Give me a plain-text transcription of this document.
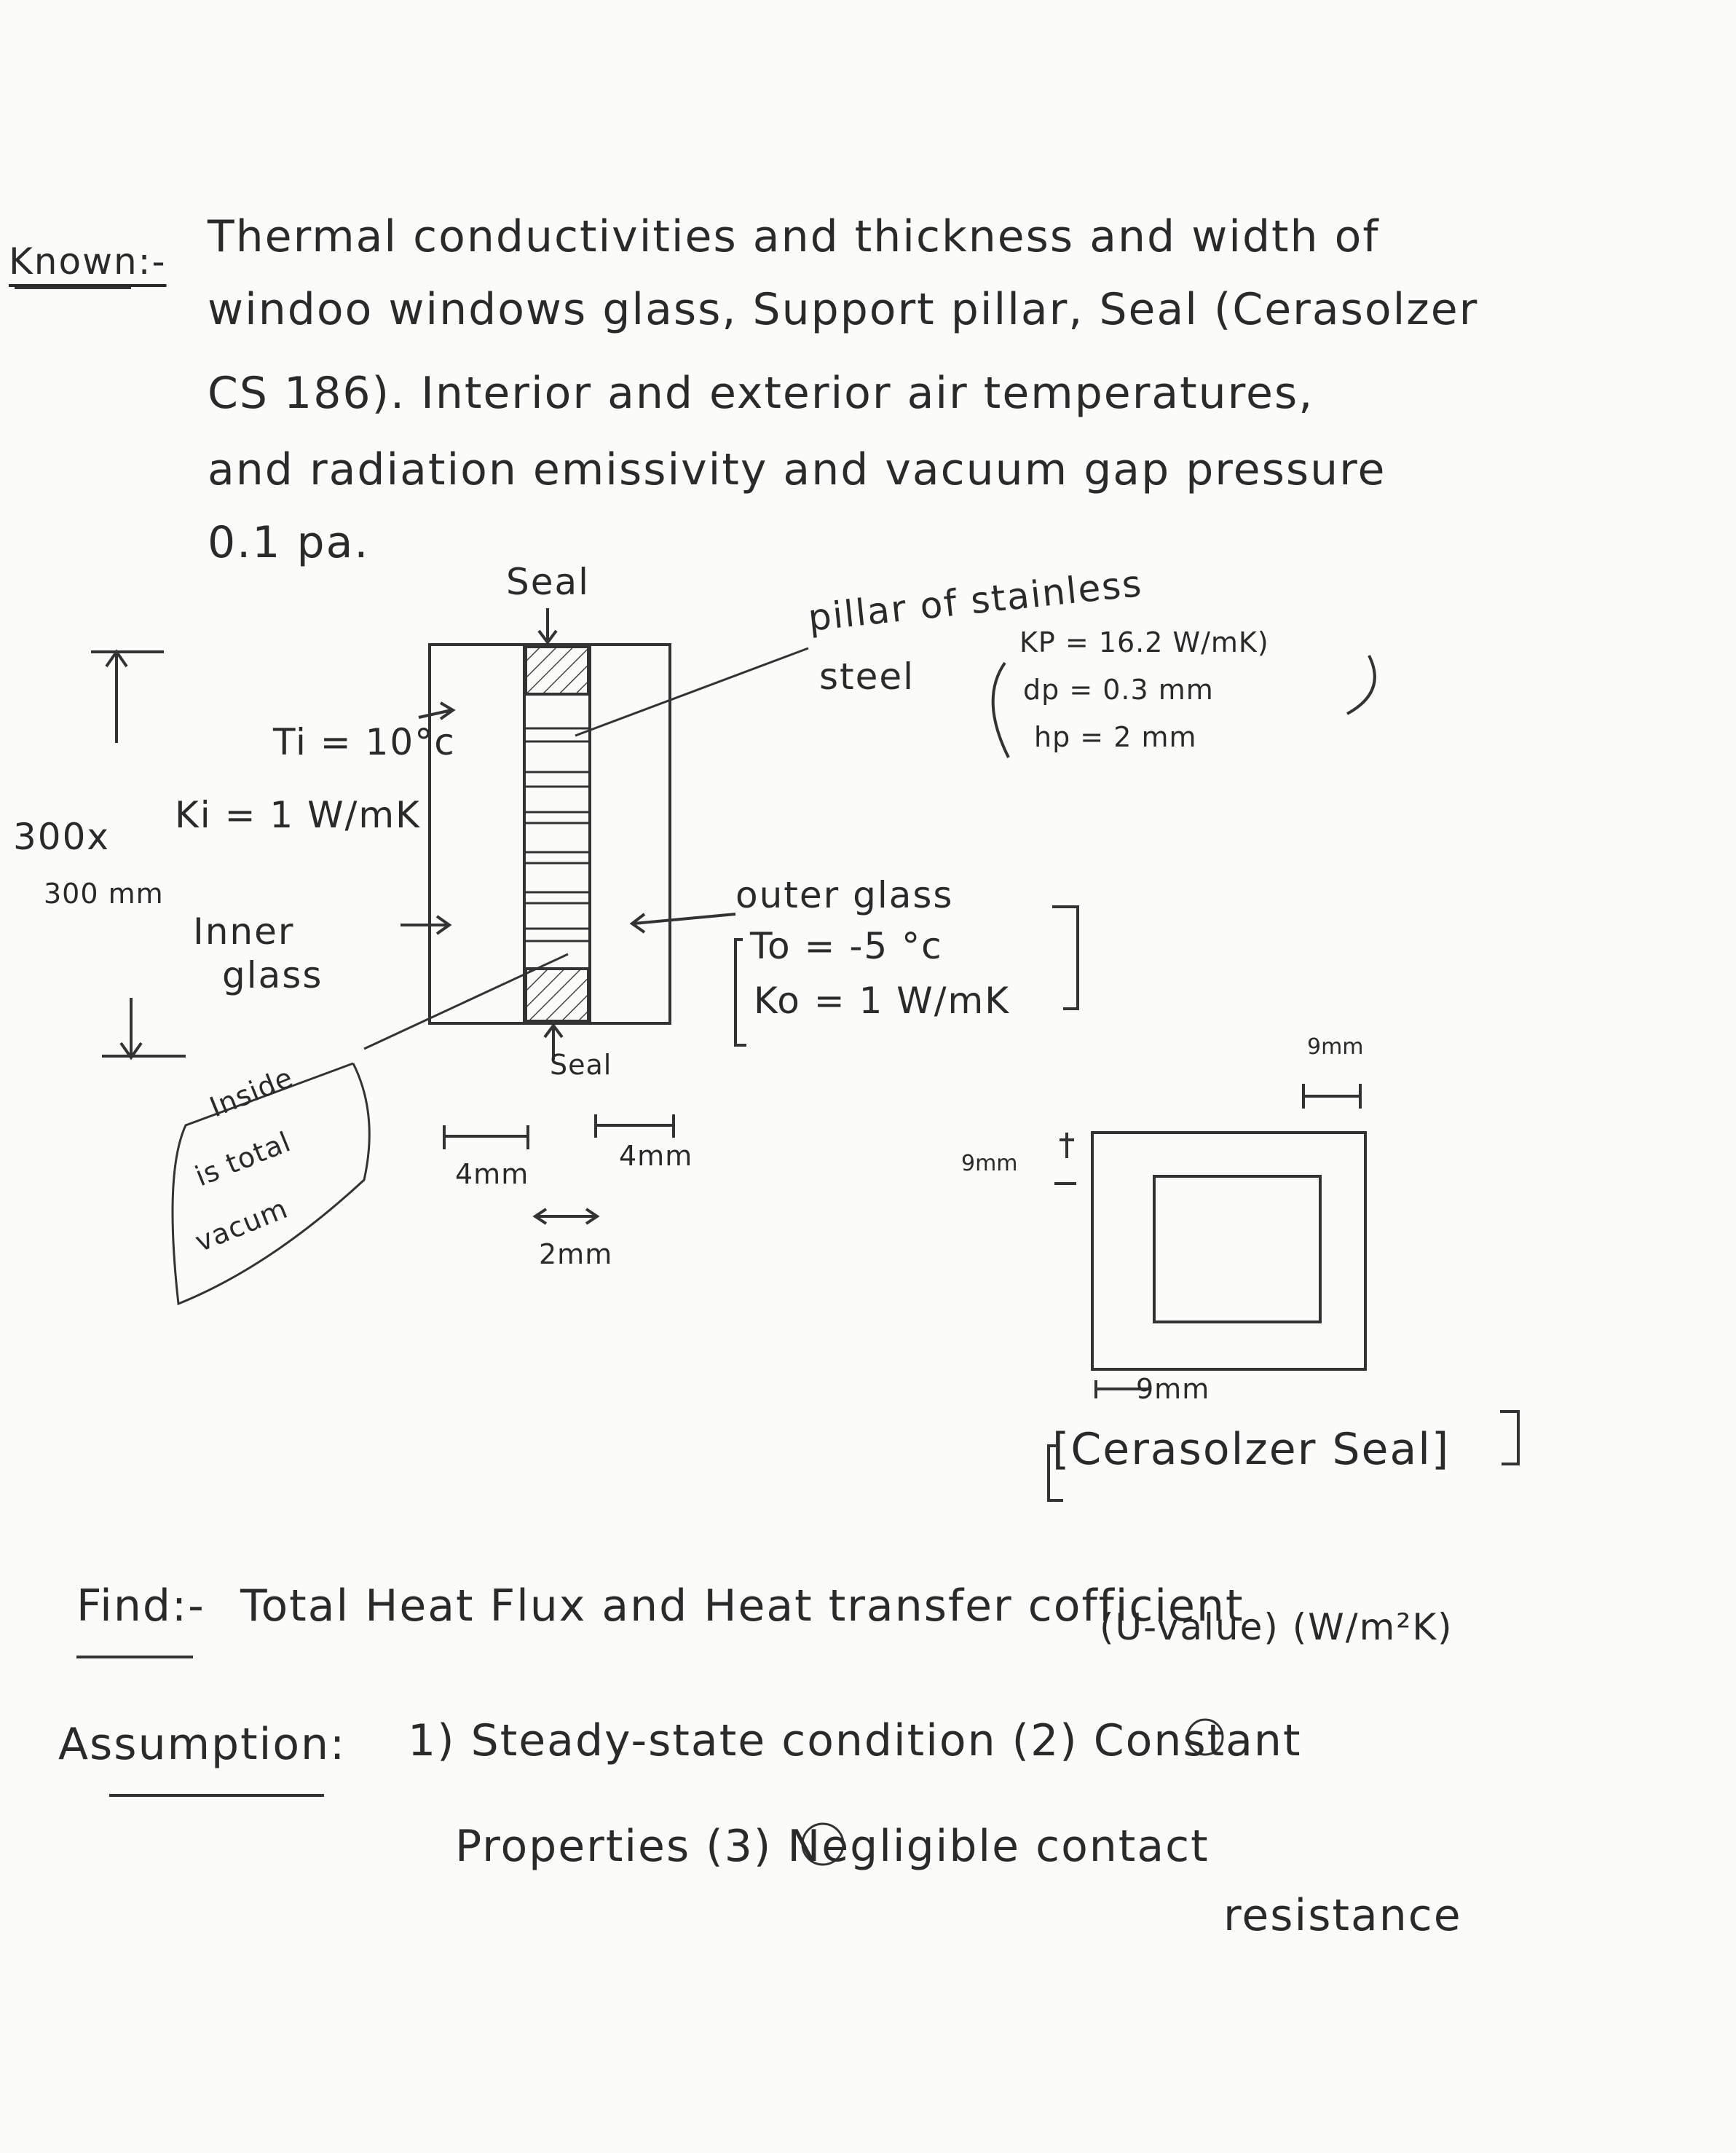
Known:- Thermal conductivities and thickness and width of
windoo windows glass, Support pillar, Seal (Cerasolzer
CS 186). Interior and exterior air temperatures,
and radiation emissivity and vacuum gap pressure
0.1 pa.
Seal
Seal
pillar of stainless
steel
KP = 16.2 W/mK)
dp = 0.3 mm
hp = 2 mm
Ti = 10°c
Ki = 1 W/mK
300x
300 mm
Inner
glass
outer glass
To = -5 °c
Ko = 1 W/mK
Inside
is total
vacum
4mm
4mm
2mm
9mm
9mm
9mm
[Cerasolzer Seal]
Find:- Total Heat Flux and Heat transfer cofficient
(U-value) (W/m²K)
Assumption: 1) Steady-state condition (2) Constant
Properties (3) Negligible contact
resistance
